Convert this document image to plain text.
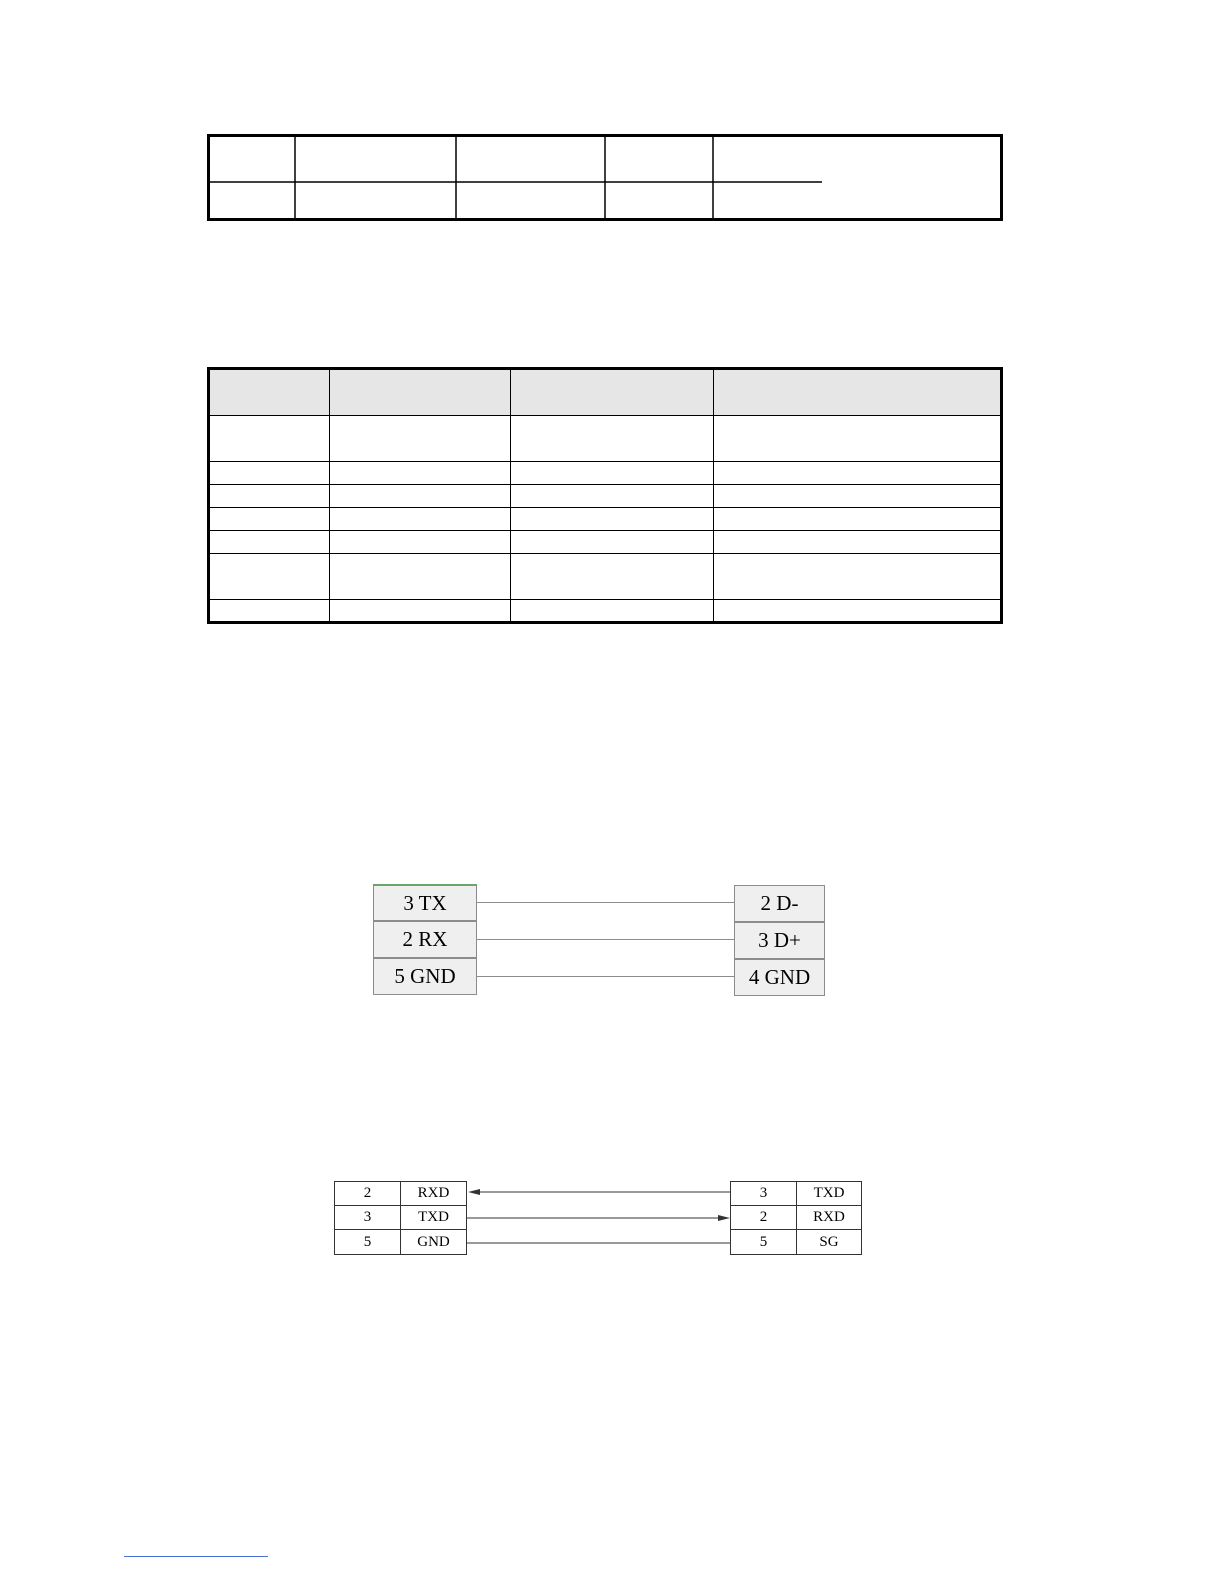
3 TX
2 RX
5 GND
2 D-
3 D+
4 GND
2	RXD
3	TXD
5	GND
3	TXD
2	RXD
5	SG
